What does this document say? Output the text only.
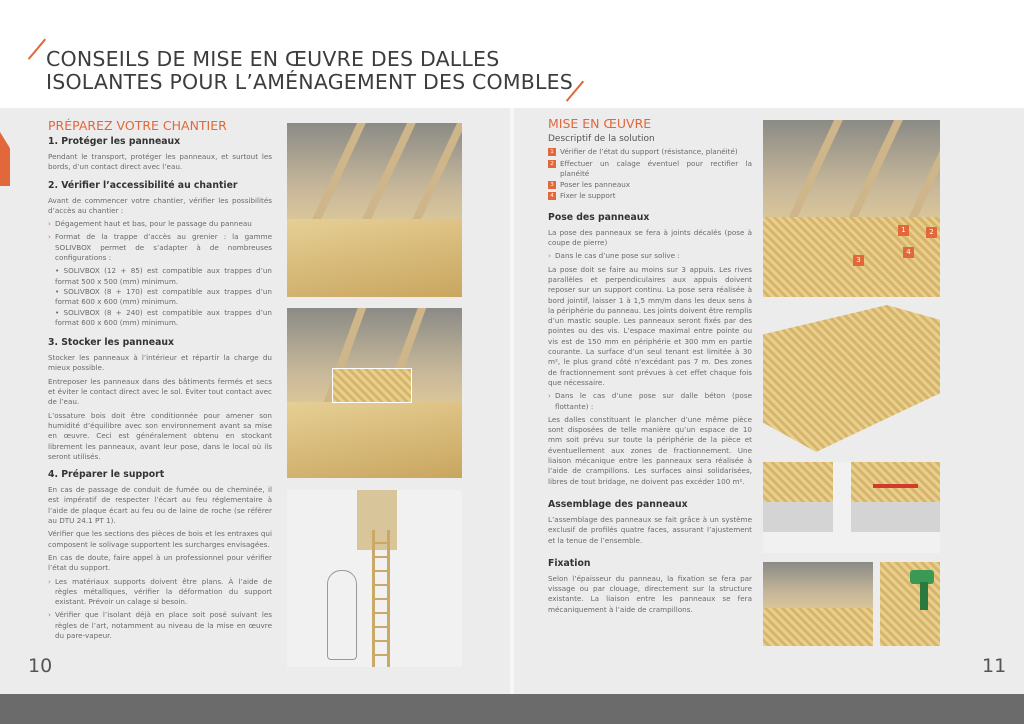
CONSEILS DE MISE EN ŒUVRE DES DALLES
ISOLANTES POUR L’AMÉNAGEMENT DES COMBLES
PRÉPAREZ VOTRE CHANTIER
1. Protéger les panneaux
Pendant le transport, protéger les panneaux, et surtout les bords, d’un contact direct avec l’eau.
2. Vérifier l’accessibilité au chantier
Avant de commencer votre chantier, vérifier les possibilités d’accès au chantier :
› Dégagement haut et bas, pour le passage du panneau
› Format de la trappe d’accès au grenier : la gamme SOLIVBOX permet de s’adapter à de nombreuses configurations :
• SOLIVBOX (12 + 85) est compatible aux trappes d’un format 500 x 500 (mm) minimum.
• SOLIVBOX (8 + 170) est compatible aux trappes d’un format 600 x 600 (mm) minimum.
• SOLIVBOX (8 + 240) est compatible aux trappes d’un format 600 x 600 (mm) minimum.
3. Stocker les panneaux
Stocker les panneaux à l’intérieur et répartir la charge du mieux possible.
Entreposer les panneaux dans des bâtiments fermés et secs et éviter le contact direct avec le sol. Éviter tout contact avec de l’eau.
L’ossature bois doit être conditionnée pour amener son humidité d’équilibre avec son environnement avant sa mise en œuvre. Ceci est généralement obtenu en stockant librement les panneaux, avant leur pose, dans le local où ils seront utilisés.
4. Préparer le support
En cas de passage de conduit de fumée ou de cheminée, il est impératif de respecter l’écart au feu réglementaire à l’aide de plaque écart au feu ou de laine de roche (se référer au DTU 24.1 PT 1).
Vérifier que les sections des pièces de bois et les entraxes qui composent le solivage supportent les surcharges envisagées.
En cas de doute, faire appel à un professionnel pour vérifier l’état du support.
› Les matériaux supports doivent être plans. À l’aide de règles métalliques, vérifier la déformation du support existant. Prévoir un calage si besoin.
› Vérifier que l’isolant déjà en place soit posé suivant les règles de l’art, notamment au niveau de la mise en œuvre du pare-vapeur.
MISE EN ŒUVRE
Descriptif de la solution
1 Vérifier de l’état du support (résistance, planéité)
2 Effectuer un calage éventuel pour rectifier la planéité
3 Poser les panneaux
4 Fixer le support
Pose des panneaux
La pose des panneaux se fera à joints décalés (pose à coupe de pierre)
› Dans le cas d’une pose sur solive :
La pose doit se faire au moins sur 3 appuis. Les rives parallèles et perpendiculaires aux appuis doivent reposer sur un support continu. La pose sera réalisée à bord jointif, laisser 1 à 1,5 mm/m dans les deux sens à la périphérie du panneau. Les joints doivent être remplis d’un mastic souple. Les panneaux seront fixés par des pointes ou des vis. L’espace maximal entre pointe ou vis est de 150 mm en périphérie et 300 mm en partie courante. La surface d’un seul tenant est limitée à 30 m², le plus grand côté n’excédant pas 7 m. Des zones de fractionnement sont prévues à cet effet chaque fois que nécessaire.
› Dans le cas d’une pose sur dalle béton (pose flottante) :
Les dalles constituant le plancher d’une même pièce sont disposées de telle manière qu’un espace de 10 mm soit prévu sur toute la périphérie de la pièce et éventuellement aux zones de fractionnement. Une liaison mécanique entre les panneaux sera réalisée à l’aide de crampillons. Les surfaces ainsi solidarisées, libres de tout bridage, ne doivent pas excéder 100 m².
Assemblage des panneaux
L’assemblage des panneaux se fait grâce à un système exclusif de profilés quatre faces, assurant l’ajustement et la tenue de l’ensemble.
Fixation
Selon l’épaisseur du panneau, la fixation se fera par vissage ou par clouage, directement sur la structure existante. La liaison entre les panneaux se fera mécaniquement à l’aide de crampillons.
1	2
3
4
10	11
